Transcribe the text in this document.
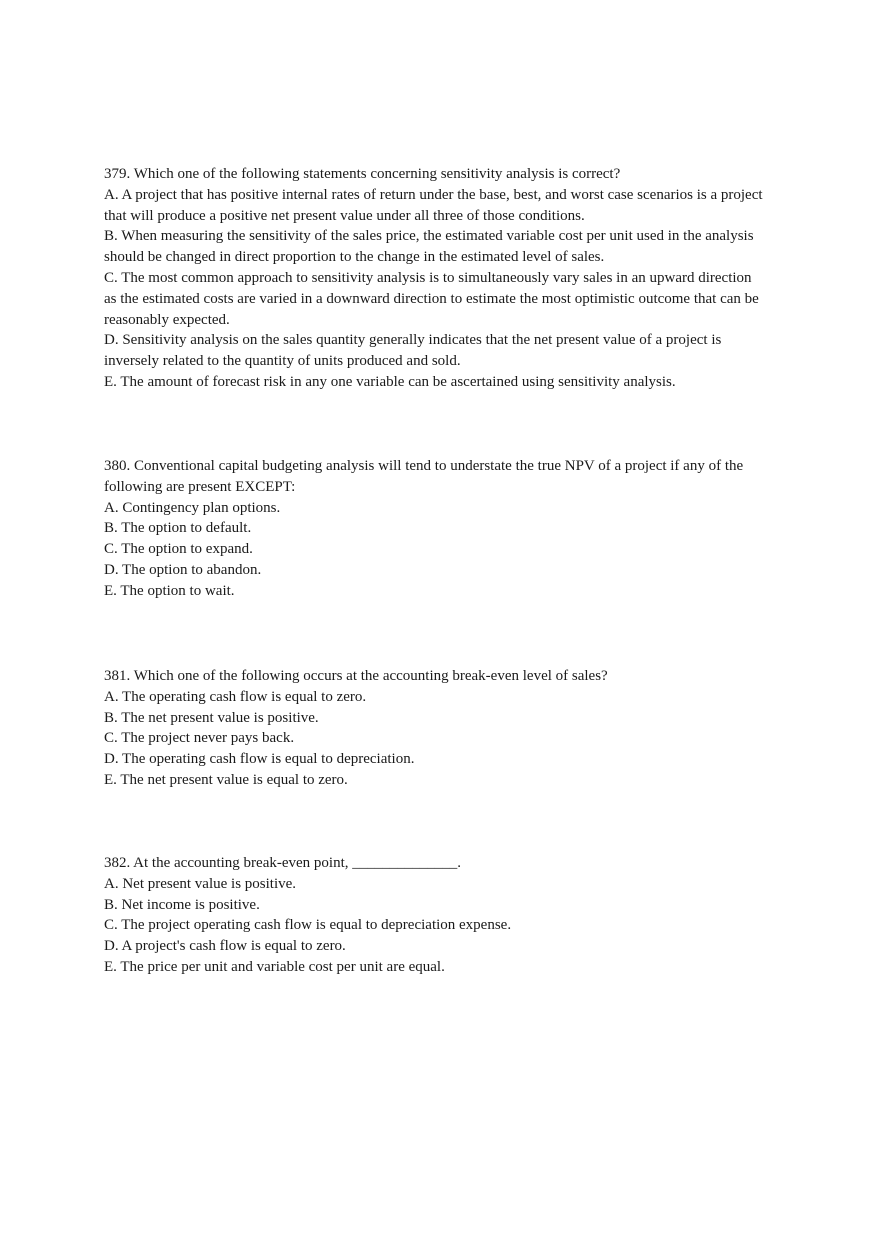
379. Which one of the following statements concerning sensitivity analysis is correct?
A. A project that has positive internal rates of return under the base, best, and worst case scenarios is a project that will produce a positive net present value under all three of those conditions.
B. When measuring the sensitivity of the sales price, the estimated variable cost per unit used in the analysis should be changed in direct proportion to the change in the estimated level of sales.
C. The most common approach to sensitivity analysis is to simultaneously vary sales in an upward direction as the estimated costs are varied in a downward direction to estimate the most optimistic outcome that can be reasonably expected.
D. Sensitivity analysis on the sales quantity generally indicates that the net present value of a project is inversely related to the quantity of units produced and sold.
E. The amount of forecast risk in any one variable can be ascertained using sensitivity analysis.
380. Conventional capital budgeting analysis will tend to understate the true NPV of a project if any of the following are present EXCEPT:
A. Contingency plan options.
B. The option to default.
C. The option to expand.
D. The option to abandon.
E. The option to wait.
381. Which one of the following occurs at the accounting break-even level of sales?
A. The operating cash flow is equal to zero.
B. The net present value is positive.
C. The project never pays back.
D. The operating cash flow is equal to depreciation.
E. The net present value is equal to zero.
382. At the accounting break-even point, ______________.
A. Net present value is positive.
B. Net income is positive.
C. The project operating cash flow is equal to depreciation expense.
D. A project's cash flow is equal to zero.
E. The price per unit and variable cost per unit are equal.
